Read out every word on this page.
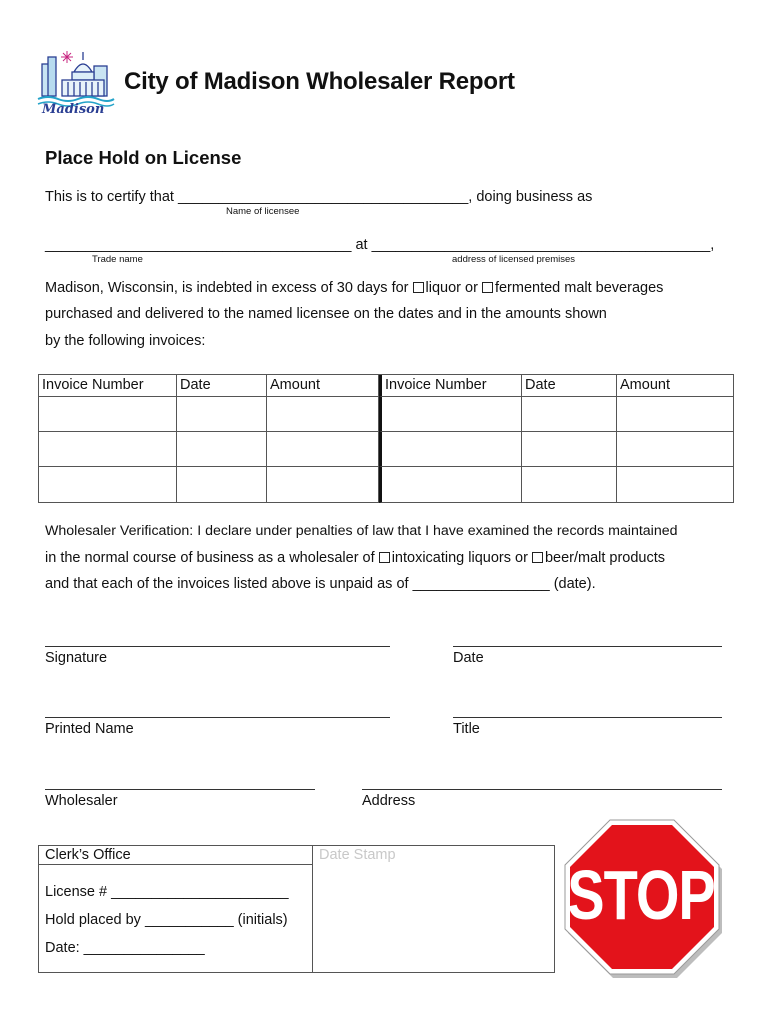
Madison
City of Madison Wholesaler Report
Place Hold on License
This is to certify that ____________________________________, doing business as
Name of licensee
______________________________________ at __________________________________________,
Trade name	address of licensed premises
Madison, Wisconsin, is indebted in excess of 30 days for liquor or fermented malt beverages
purchased and delivered to the named licensee on the dates and in the amounts shown
by the following invoices:
Invoice Number	Date	Amount	Invoice Number	Date	Amount
Wholesaler Verification: I declare under penalties of law that I have examined the records maintained
in the normal course of business as a wholesaler of intoxicating liquors or beer/malt products
and that each of the invoices listed above is unpaid as of _________________ (date).
Signature	Date
Printed Name	Title
Wholesaler	Address
Clerk’s Office
License # ______________________
Hold placed by ___________ (initials)
Date: _______________
Date Stamp
STOP
